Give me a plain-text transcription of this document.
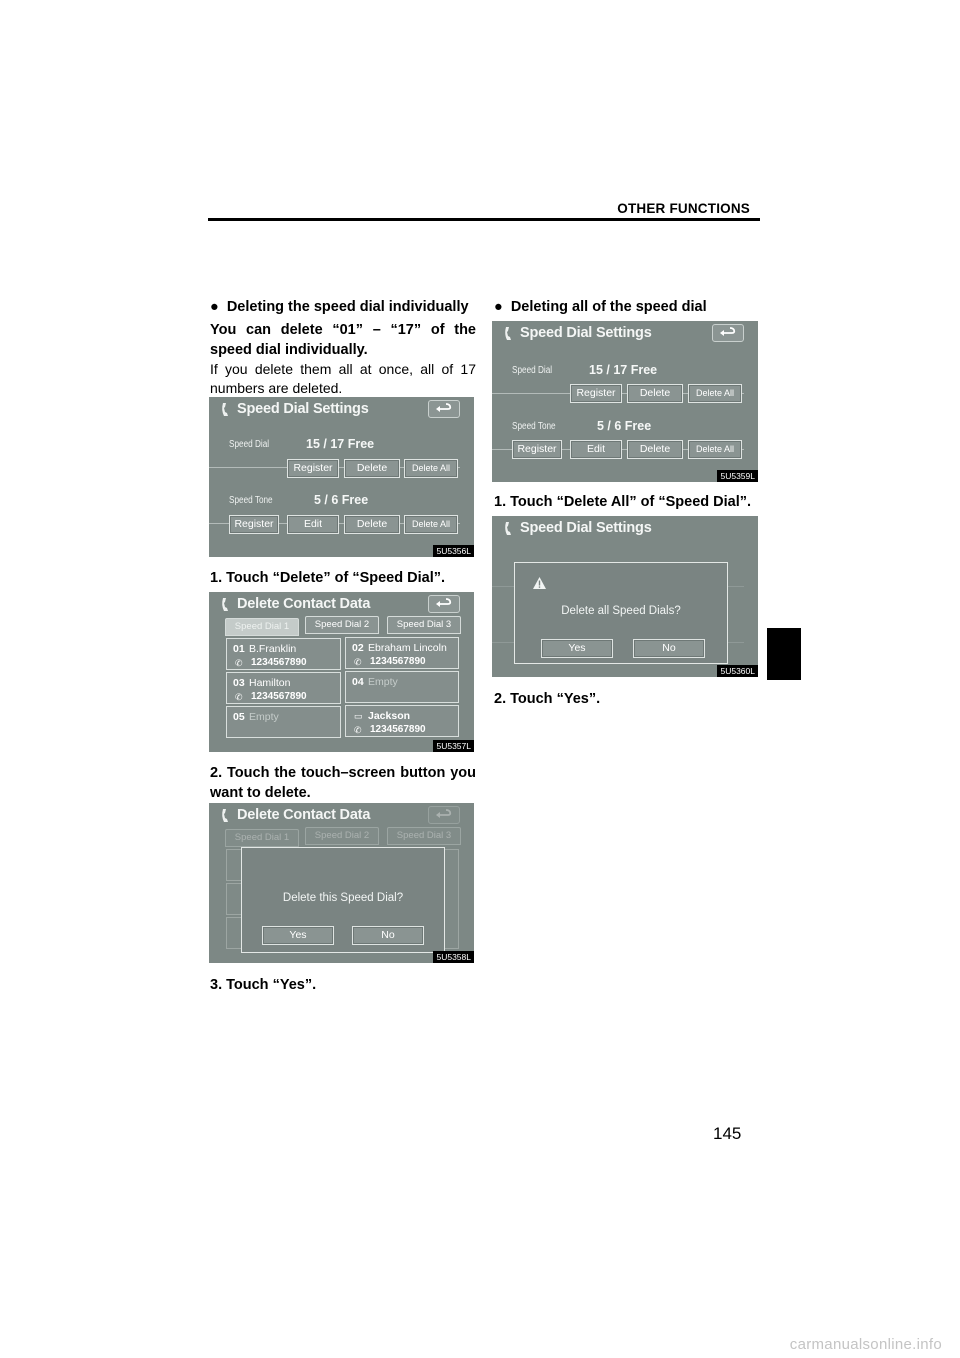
OTHER FUNCTIONS
145
carmanualsonline.info
● Deleting the speed dial individually
You can delete “01” – “17” of the speed dial individually.
If you delete them all at once, all of 17 numbers are deleted.
Speed Dial Settings
Speed Dial	15 / 17 Free
Register	Delete	Delete All
Speed Tone	5 / 6 Free
Register	Edit	Delete	Delete All
5U5356L
1. Touch “Delete” of “Speed Dial”.
Delete Contact Data
Speed Dial 1	Speed Dial 2	Speed Dial 3
01 B.Franklin
✆ 1234567890
02 Ebraham Lincoln
✆ 1234567890
03 Hamilton
✆ 1234567890
04 Empty
05 Empty	▭ Jackson
✆ 1234567890
5U5357L
2. Touch the touch–screen button you want to delete.
Delete Contact Data
Speed Dial 1	Speed Dial 2	Speed Dial 3
Delete this Speed Dial?
Yes	No
5U5358L
3. Touch “Yes”.
● Deleting all of the speed dial
Speed Dial Settings
Speed Dial	15 / 17 Free
Register	Delete	Delete All
Speed Tone	5 / 6 Free
Register	Edit	Delete	Delete All
5U5359L
1. Touch “Delete All” of “Speed Dial”.
Speed Dial Settings
Delete all Speed Dials?
Yes	No
5U5360L
2. Touch “Yes”.
